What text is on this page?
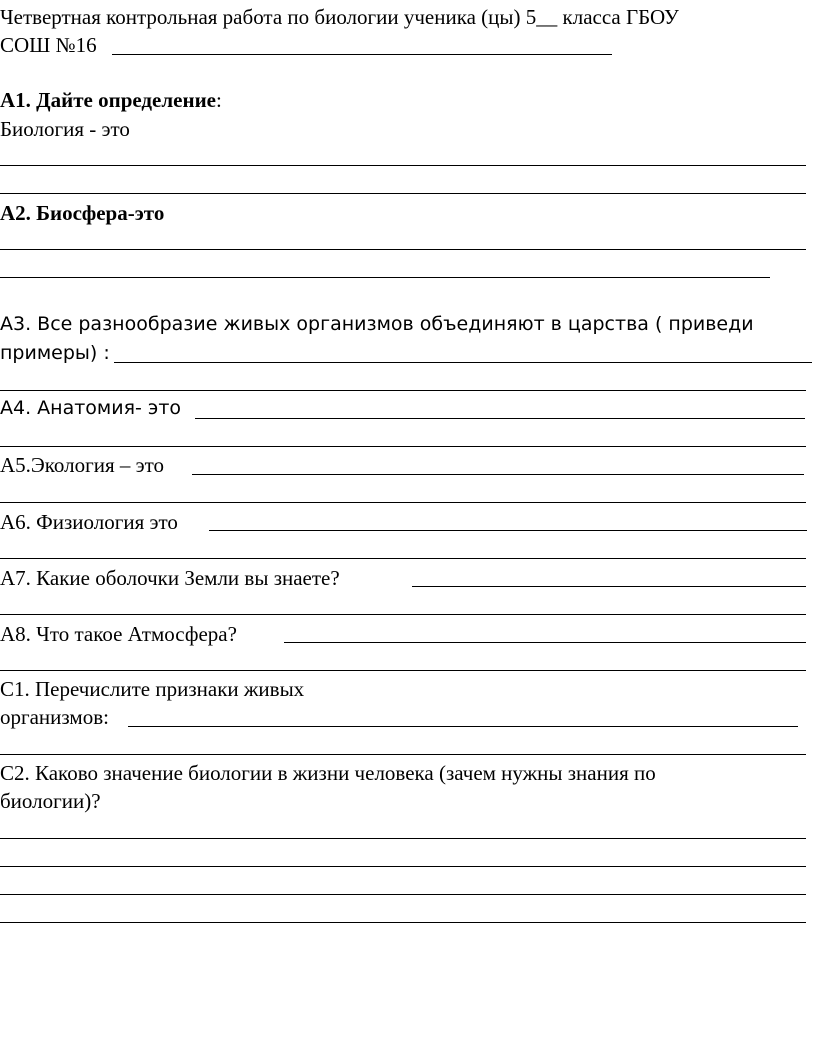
Четвертная контрольная работа по биологии ученика (цы) 5__ класса ГБОУ
СОШ №16
А1. Дайте определение:
Биология - это
А2. Биосфера-это
А3. Все разнообразие живых организмов объединяют в царства ( приведи
примеры) :
А4. Анатомия- это
А5.Экология – это
А6. Физиология это
А7. Какие оболочки Земли вы знаете?
А8. Что такое Атмосфера?
С1. Перечислите признаки живых
организмов:
С2. Каково значение биологии в жизни человека (зачем нужны знания по
биологии)?
